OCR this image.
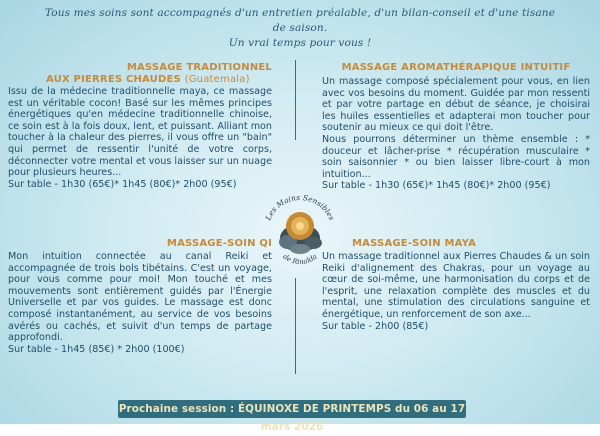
Tous mes soins sont accompagnés d'un entretien préalable, d'un bilan-conseil et d'une tisane de saison.
Un vrai temps pour vous !

MASSAGE TRADITIONNEL

AUX PIERRES CHAUDES (Guatemala)

Issu de la médecine traditionnelle maya, ce massage est un véritable cocon! Basé sur les mêmes principes énergétiques qu'en médecine traditionnelle chinoise, ce soin est à la fois doux, lent, et puissant. Alliant mon toucher à la chaleur des pierres, il vous offre un "bain" qui permet de ressentir l'unité de votre corps, déconnecter votre mental et vous laisser sur un nuage pour plusieurs heures...

Sur table - 1h30 (65€)* 1h45 (80€)* 2h00 (95€)

MASSAGE AROMATHÉRAPIQUE INTUITIF

Un massage composé spécialement pour vous, en lien avec vos besoins du moment. Guidée par mon ressenti et par votre partage en début de séance, je choisirai les huiles essentielles et adapterai mon toucher pour soutenir au mieux ce qui doit l'être.

Nous pourrons déterminer un thème ensemble : * douceur et lâcher-prise * récupération musculaire * soin saisonnier * ou bien laisser libre-court à mon intuition...

Sur table - 1h30 (65€)* 1h45 (80€)* 2h00 (95€)

Les Mains Sensibles
de Rinalda

MASSAGE-SOIN QI

Mon intuition connectée au canal Reiki et accompagnée de trois bols tibétains. C'est un voyage, pour vous comme pour moi! Mon touché et mes mouvements sont entièrement guidés par l'Énergie Universelle et par vos guides. Le massage est donc composé instantanément, au service de vos besoins avérés ou cachés, et suivit d'un temps de partage approfondi.

Sur table - 1h45 (85€) * 2h00 (100€)

MASSAGE-SOIN MAYA

Un massage traditionnel aux Pierres Chaudes & un soin Reiki d'alignement des Chakras, pour un voyage au cœur de soi-même, une harmonisation du corps et de l'esprit, une relaxation complète des muscles et du mental, une stimulation des circulations sanguine et énergétique, un renforcement de son axe...

Sur table - 2h00 (85€)

Prochaine session : ÉQUINOXE DE PRINTEMPS du 06 au 17 mars 2026
